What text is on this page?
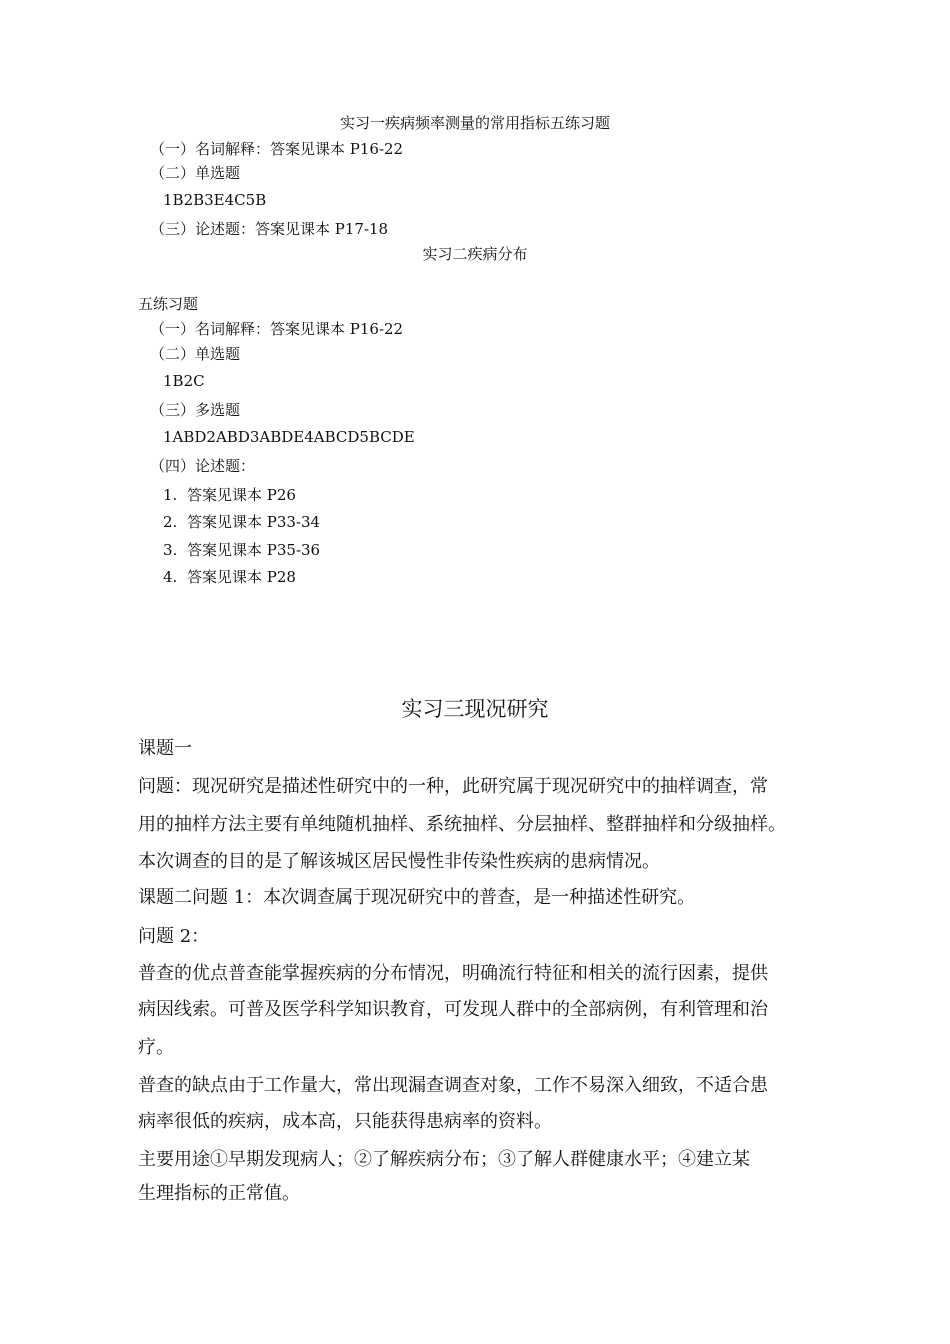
实习一疾病频率测量的常用指标五练习题
（一）名词解释：答案见课本 P16-22
（二）单选题
1B2B3E4C5B
（三）论述题：答案见课本 P17-18
实习二疾病分布
五练习题
（一）名词解释：答案见课本 P16-22
（二）单选题
1B2C
（三）多选题
1ABD2ABD3ABDE4ABCD5BCDE
（四）论述题：
1. 答案见课本 P26
2. 答案见课本 P33-34
3. 答案见课本 P35-36
4. 答案见课本 P28
实习三现况研究
课题一
问题：现况研究是描述性研究中的一种，此研究属于现况研究中的抽样调查，常
用的抽样方法主要有单纯随机抽样、系统抽样、分层抽样、整群抽样和分级抽样。
本次调查的目的是了解该城区居民慢性非传染性疾病的患病情况。
课题二问题 1：本次调查属于现况研究中的普查，是一种描述性研究。
问题 2：
普查的优点普查能掌握疾病的分布情况，明确流行特征和相关的流行因素，提供
病因线索。可普及医学科学知识教育，可发现人群中的全部病例，有利管理和治
疗。
普查的缺点由于工作量大，常出现漏查调查对象，工作不易深入细致，不适合患
病率很低的疾病，成本高，只能获得患病率的资料。
主要用途①早期发现病人；②了解疾病分布；③了解人群健康水平；④建立某
生理指标的正常值。
